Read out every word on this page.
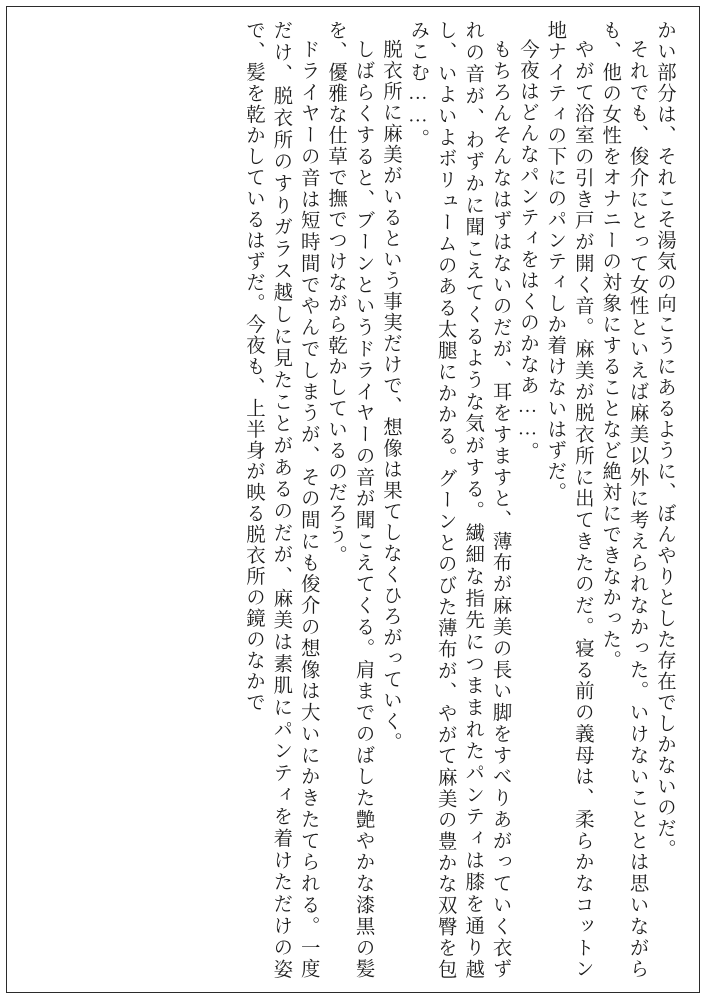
かい部分は、それこそ湯気の向こうにあるように、ぼんやりとした存在でしかないのだ。

それでも、俊介にとって女性といえば麻美以外に考えられなかった。いけないこととは思いながらも、他の女性をオナニーの対象にすることなど絶対にできなかった。

やがて浴室の引き戸が開く音。麻美が脱衣所に出てきたのだ。寝る前の義母は、柔らかなコットン地ナイティの下にのパンティしか着けないはずだ。

今夜はどんなパンティをはくのかなあ……。

もちろんそんなはずはないのだが、耳をすますと、薄布が麻美の長い脚をすべりあがっていく衣ずれの音が、わずかに聞こえてくるような気がする。繊細な指先につままれたパンティは膝を通り越し、いよいよボリュームのある太腿にかかる。グーンとのびた薄布が、やがて麻美の豊かな双臀を包みこむ……。

脱衣所に麻美がいるという事実だけで、想像は果てしなくひろがっていく。

しばらくすると、ブーンというドライヤーの音が聞こえてくる。肩までのばした艶やかな漆黒の髪を、優雅な仕草で撫でつけながら乾かしているのだろう。

ドライヤーの音は短時間でやんでしまうが、その間にも俊介の想像は大いにかきたてられる。一度だけ、脱衣所のすりガラス越しに見たことがあるのだが、麻美は素肌にパンティを着けただけの姿で、髪を乾かしているはずだ。今夜も、上半身が映る脱衣所の鏡のなかで
